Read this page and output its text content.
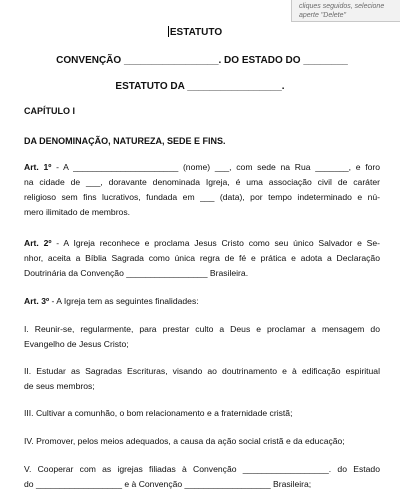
cliques seguidos, selecione
aperte "Delete"
ESTATUTO
CONVENÇÃO _________________. DO ESTADO DO ________
ESTATUTO DA _________________.
CAPÍTULO I
DA DENOMINAÇÃO, NATUREZA, SEDE E FINS.
Art. 1º - A ______________________ (nome) ___, com sede na Rua _______, e foro
na cidade de ___, doravante denominada Igreja, é uma associação civil de caráter
religioso sem fins lucrativos, fundada em ___ (data), por tempo indeterminado e nú-
mero ilimitado de membros.
Art. 2º - A Igreja reconhece e proclama Jesus Cristo como seu único Salvador e Se-
nhor, aceita a Bíblia Sagrada como única regra de fé e prática e adota a Declaração
Doutrinária da Convenção _________________ Brasileira.
Art. 3º - A Igreja tem as seguintes finalidades:
I. Reunir-se, regularmente, para prestar culto a Deus e proclamar a mensagem do
Evangelho de Jesus Cristo;
II. Estudar as Sagradas Escrituras, visando ao doutrinamento e à edificação espiritual
de seus membros;
III. Cultivar a comunhão, o bom relacionamento e a fraternidade cristã;
IV. Promover, pelos meios adequados, a causa da ação social cristã e da educação;
V. Cooperar com as igrejas filiadas à Convenção __________________. do Estado
do __________________ e à Convenção __________________ Brasileira;
